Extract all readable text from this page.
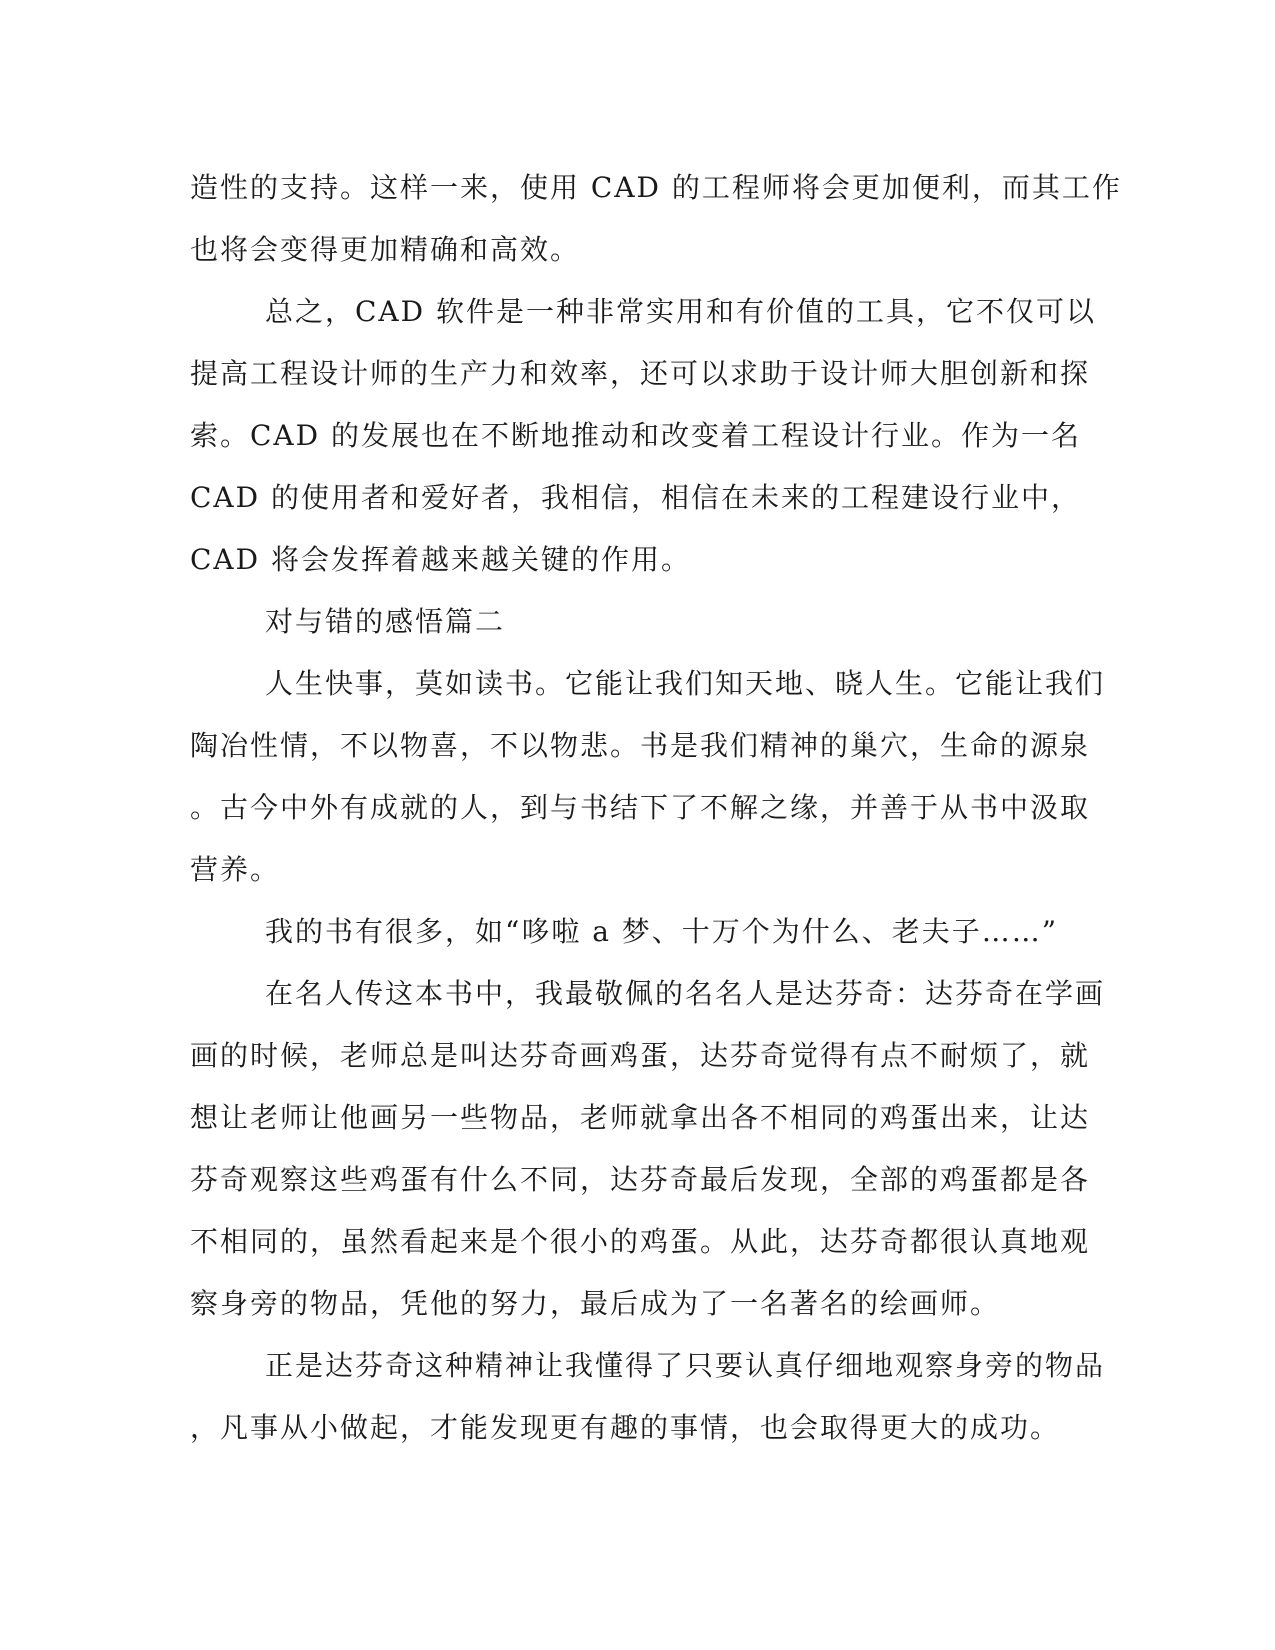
造性的支持。这样一来，使用 CAD 的工程师将会更加便利，而其工作
也将会变得更加精确和高效。
总之，CAD 软件是一种非常实用和有价值的工具，它不仅可以
提高工程设计师的生产力和效率，还可以求助于设计师大胆创新和探
索。CAD 的发展也在不断地推动和改变着工程设计行业。作为一名
CAD 的使用者和爱好者，我相信，相信在未来的工程建设行业中，
CAD 将会发挥着越来越关键的作用。
对与错的感悟篇二
人生快事，莫如读书。它能让我们知天地、晓人生。它能让我们
陶冶性情，不以物喜，不以物悲。书是我们精神的巢穴，生命的源泉
。古今中外有成就的人，到与书结下了不解之缘，并善于从书中汲取
营养。
我的书有很多，如“哆啦 a 梦、十万个为什么、老夫子……”
在名人传这本书中，我最敬佩的名名人是达芬奇：达芬奇在学画
画的时候，老师总是叫达芬奇画鸡蛋，达芬奇觉得有点不耐烦了，就
想让老师让他画另一些物品，老师就拿出各不相同的鸡蛋出来，让达
芬奇观察这些鸡蛋有什么不同，达芬奇最后发现，全部的鸡蛋都是各
不相同的，虽然看起来是个很小的鸡蛋。从此，达芬奇都很认真地观
察身旁的物品，凭他的努力，最后成为了一名著名的绘画师。
正是达芬奇这种精神让我懂得了只要认真仔细地观察身旁的物品
，凡事从小做起，才能发现更有趣的事情，也会取得更大的成功。
